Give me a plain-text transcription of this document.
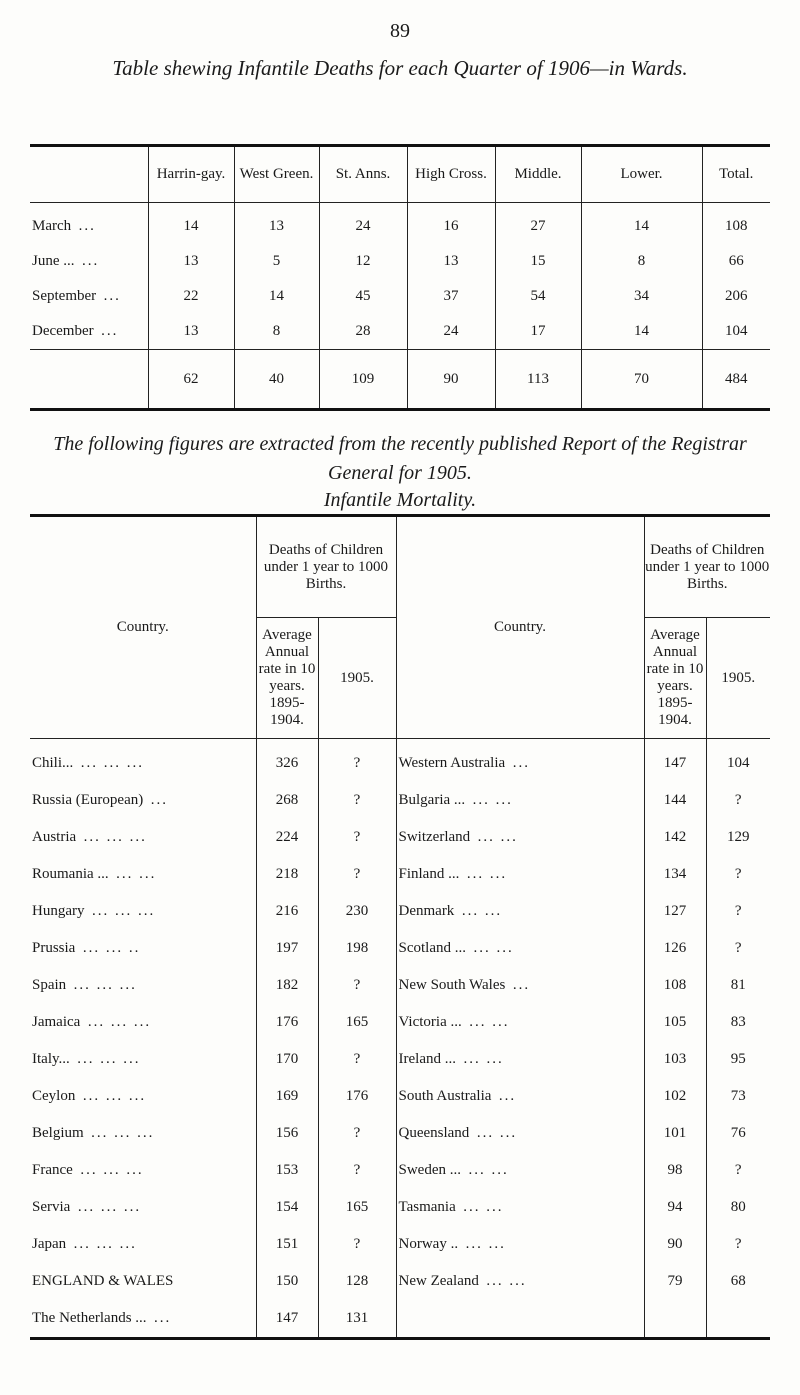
89
Table shewing Infantile Deaths for each Quarter of 1906—in Wards.
	Harrin-gay.	West Green.	St. Anns.	High Cross.	Middle.	Lower.	Total.
March ...	14	13	24	16	27	14	108
June ... ...	13	5	12	13	15	8	66
September ...	22	14	45	37	54	34	206
December ...	13	8	28	24	17	14	104
	62	40	109	90	113	70	484
The following figures are extracted from the recently published Report of the Registrar General for 1905.
Infantile Mortality.
Country.	Deaths of Children under 1 year to 1000 Births.		Country.	Deaths of Children under 1 year to 1000 Births.	
	Average Annual rate in 10 years. 1895-1904.	1905.		Average Annual rate in 10 years. 1895-1904.	1905.
Chili... ... ... ...	326	?	Western Australia ...	147	104
Russia (European) ...	268	?	Bulgaria ... ... ...	144	?
Austria ... ... ...	224	?	Switzerland ... ...	142	129
Roumania ... ... ...	218	?	Finland ... ... ...	134	?
Hungary ... ... ...	216	230	Denmark ... ...	127	?
Prussia ... ... ..	197	198	Scotland ... ... ...	126	?
Spain ... ... ...	182	?	New South Wales ...	108	81
Jamaica ... ... ...	176	165	Victoria ... ... ...	105	83
Italy... ... ... ...	170	?	Ireland ... ... ...	103	95
Ceylon ... ... ...	169	176	South Australia ...	102	73
Belgium ... ... ...	156	?	Queensland ... ...	101	76
France ... ... ...	153	?	Sweden ... ... ...	98	?
Servia ... ... ...	154	165	Tasmania ... ...	94	80
Japan ... ... ...	151	?	Norway .. ... ...	90	?
ENGLAND & WALES	150	128	New Zealand ... ...	79	68
The Netherlands ... ...	147	131			
